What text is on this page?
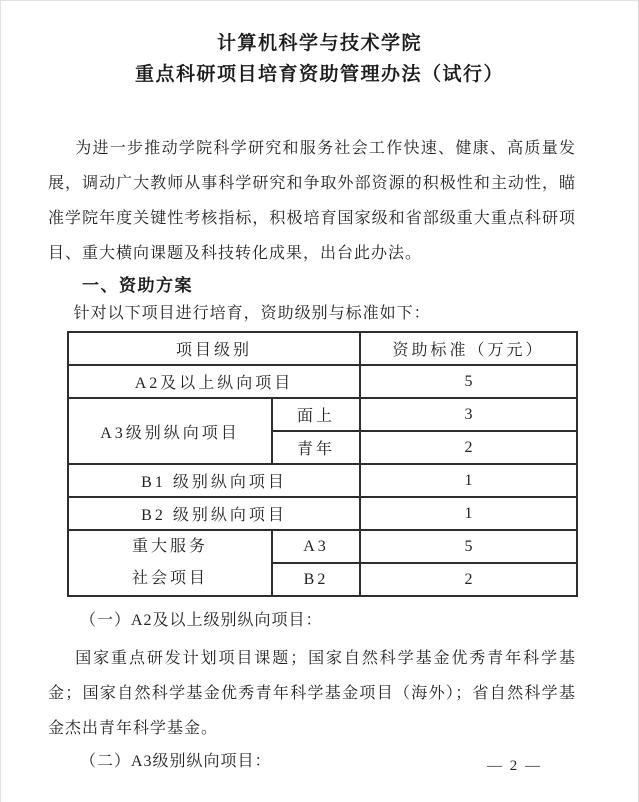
计算机科学与技术学院
重点科研项目培育资助管理办法（试行）

为进一步推动学院科学研究和服务社会工作快速、健康、高质量发展，调动广大教师从事科学研究和争取外部资源的积极性和主动性，瞄准学院年度关键性考核指标，积极培育国家级和省部级重大重点科研项目、重大横向课题及科技转化成果，出台此办法。

一、资助方案

针对以下项目进行培育，资助级别与标准如下：

项目级别		资助标准（万元）
A2及以上纵向项目		5
A3级别纵向项目	面上	3
	青年	2
B1 级别纵向项目		1
B2 级别纵向项目		1

重大服务
社会项目	A3	5
	B2	2

（一）A2及以上级别纵向项目：

国家重点研发计划项目课题；国家自然科学基金优秀青年科学基金；国家自然科学基金优秀青年科学基金项目（海外）；省自然科学基金杰出青年科学基金。

（二）A3级别纵向项目：	— 2 —
